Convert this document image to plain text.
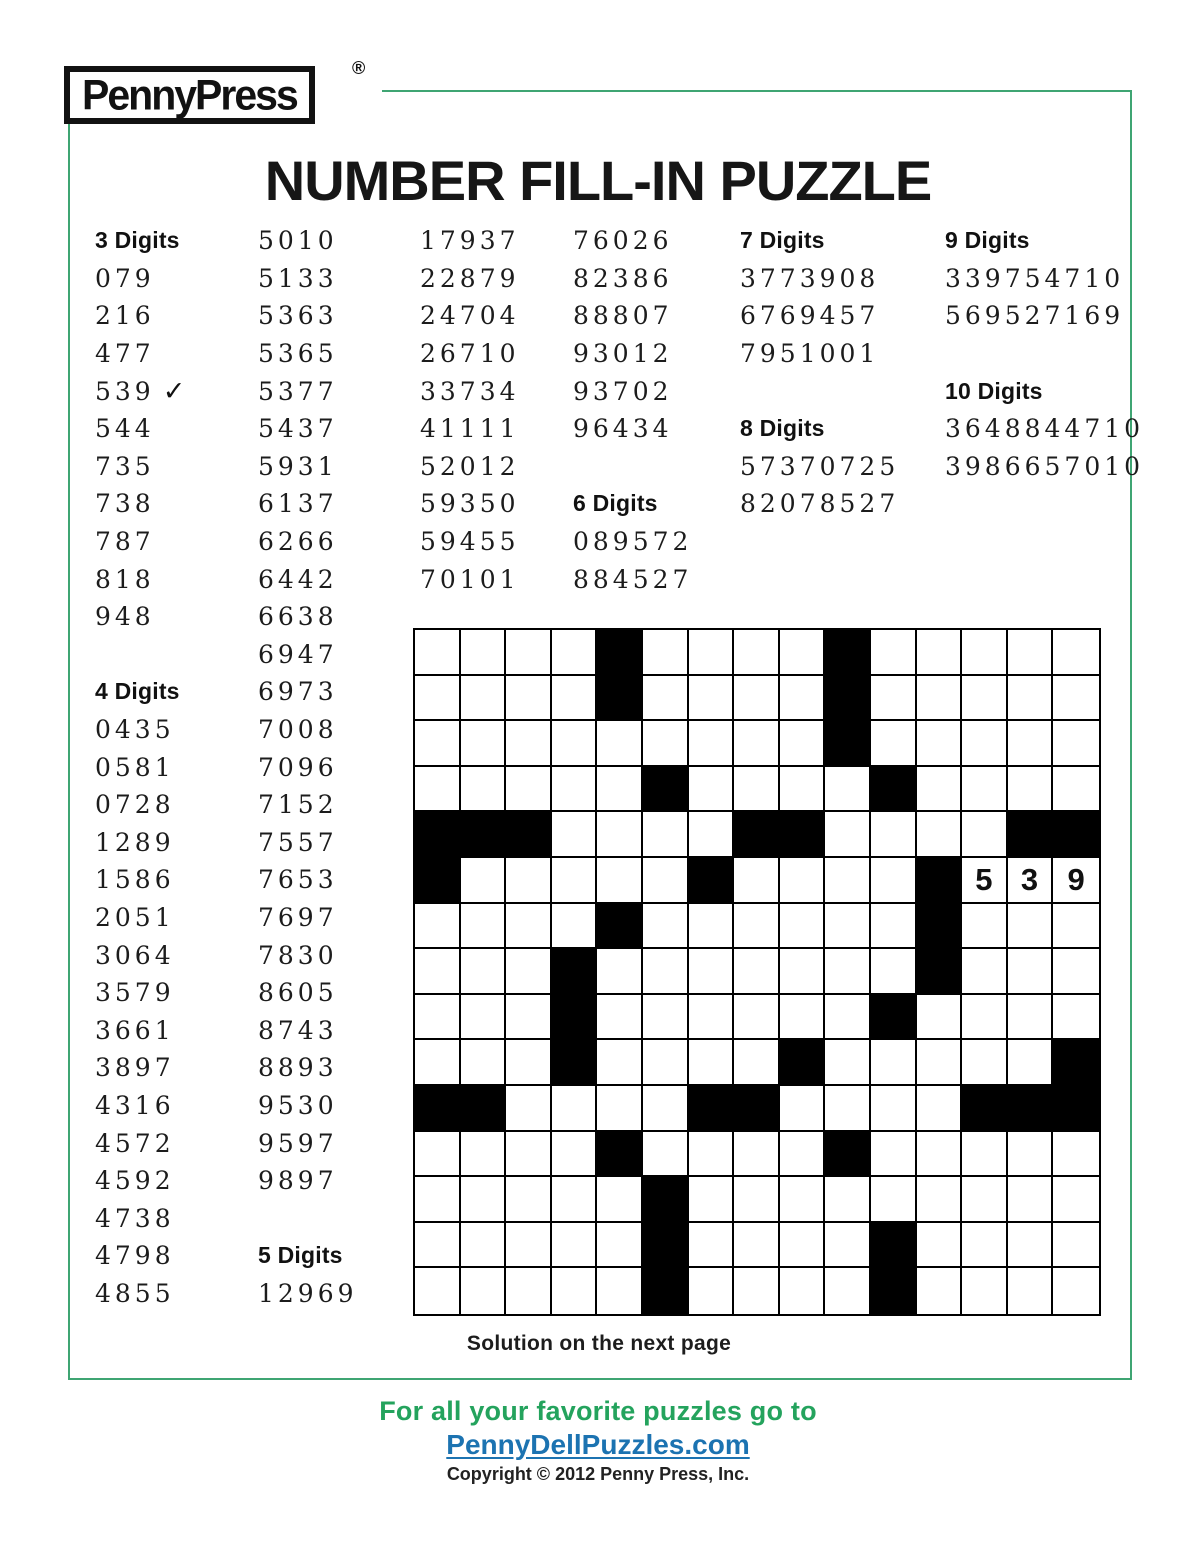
PennyPress
®
NUMBER FILL-IN PUZZLE
3 Digits
079
216
477
539 ✓
544
735
738
787
818
948
4 Digits
0435
0581
0728
1289
1586
2051
3064
3579
3661
3897
4316
4572
4592
4738
4798
4855
5010
5133
5363
5365
5377
5437
5931
6137
6266
6442
6638
6947
6973
7008
7096
7152
7557
7653
7697
7830
8605
8743
8893
9530
9597
9897
5 Digits
12969
17937
22879
24704
26710
33734
41111
52012
59350
59455
70101
76026
82386
88807
93012
93702
96434
6 Digits
089572
884527
7 Digits
3773908
6769457
7951001
8 Digits
57370725
82078527
9 Digits
339754710
569527169
10 Digits
3648844710
3986657010
5 3 9
Solution on the next page
For all your favorite puzzles go to
PennyDellPuzzles.com
Copyright © 2012 Penny Press, Inc.
